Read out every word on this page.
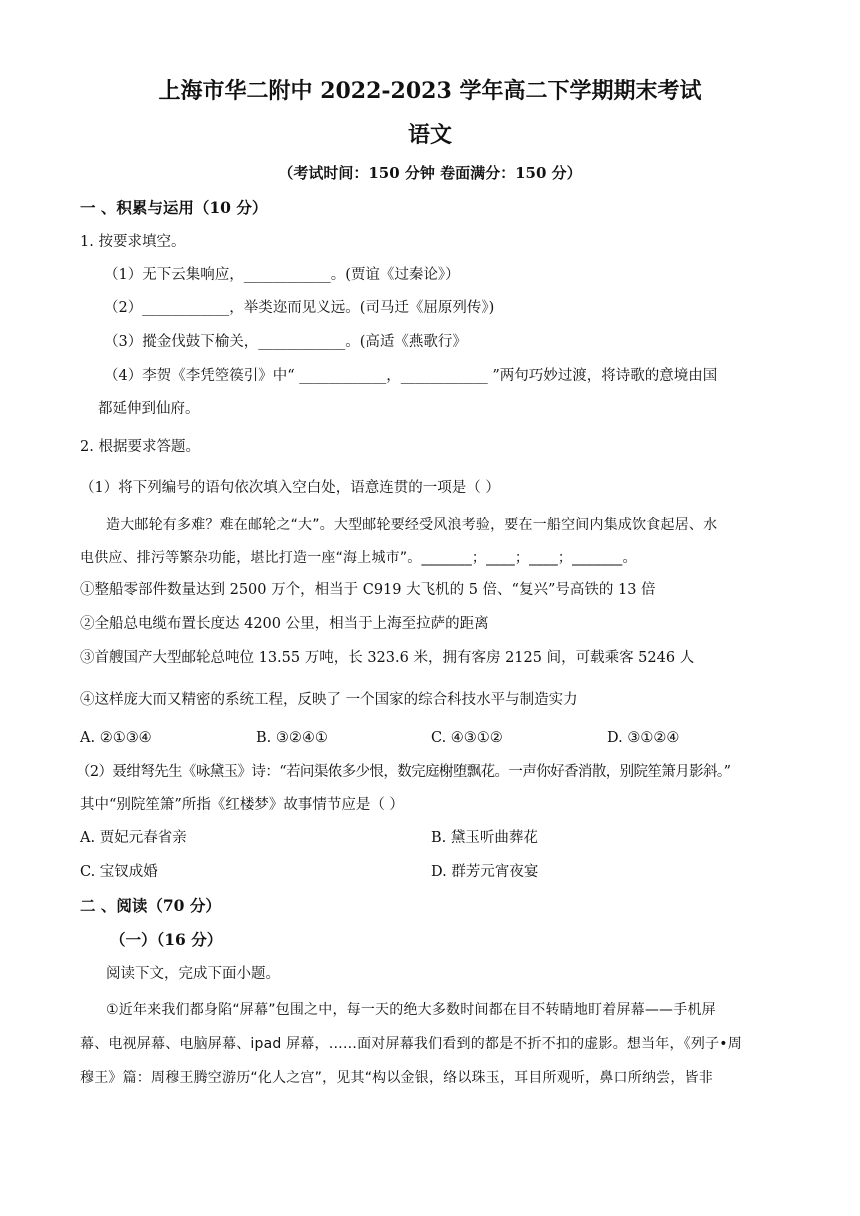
上海市华二附中 2022-2023 学年高二下学期期末考试
语文
（考试时间：150 分钟 卷面满分：150 分）
一 、积累与运用（10 分）
1. 按要求填空。
（1）无下云集响应，____________。(贾谊《过秦论》）
（2）____________，举类迩而见义远。(司马迁《屈原列传》)
（3）摐金伐鼓下榆关，____________。(高适《燕歌行》
（4）李贺《李凭箜篌引》中“ ____________，____________ ”两句巧妙过渡，将诗歌的意境由国
都延伸到仙府。
2. 根据要求答题。
（1）将下列编号的语句依次填入空白处，语意连贯的一项是（ ）
造大邮轮有多难？难在邮轮之“大”。大型邮轮要经受风浪考验，要在一船空间内集成饮食起居、水
电供应、排污等繁杂功能，堪比打造一座“海上城市”。_______；____；____；_______。
①整船零部件数量达到 2500 万个，相当于 C919 大飞机的 5 倍、“复兴”号高铁的 13 倍
②全船总电缆布置长度达 4200 公里，相当于上海至拉萨的距离
③首艘国产大型邮轮总吨位 13.55 万吨，长 323.6 米，拥有客房 2125 间，可载乘客 5246 人
④这样庞大而又精密的系统工程，反映了 一个国家的综合科技水平与制造实力
A. ②①③④	B. ③②④①	C. ④③①②	D. ③①②④
（2）聂绀弩先生《咏黛玉》诗：“若问渠侬多少恨，数完庭榭堕飘花。一声你好香消散，别院笙箫月影斜。”
其中“别院笙箫”所指《红楼梦》故事情节应是（ ）
A. 贾妃元春省亲	B. 黛玉听曲葬花
C. 宝钗成婚	D. 群芳元宵夜宴
二 、阅读（70 分）
（一）（16 分）
阅读下文，完成下面小题。
①近年来我们都身陷“屏幕”包围之中，每一天的绝大多数时间都在目不转睛地盯着屏幕——手机屏
幕、电视屏幕、电脑屏幕、ipad 屏幕，……面对屏幕我们看到的都是不折不扣的虚影。想当年，《列子•周
穆王》篇：周穆王腾空游历“化人之宫”，见其“构以金银，络以珠玉，耳目所观听，鼻口所纳尝，皆非
